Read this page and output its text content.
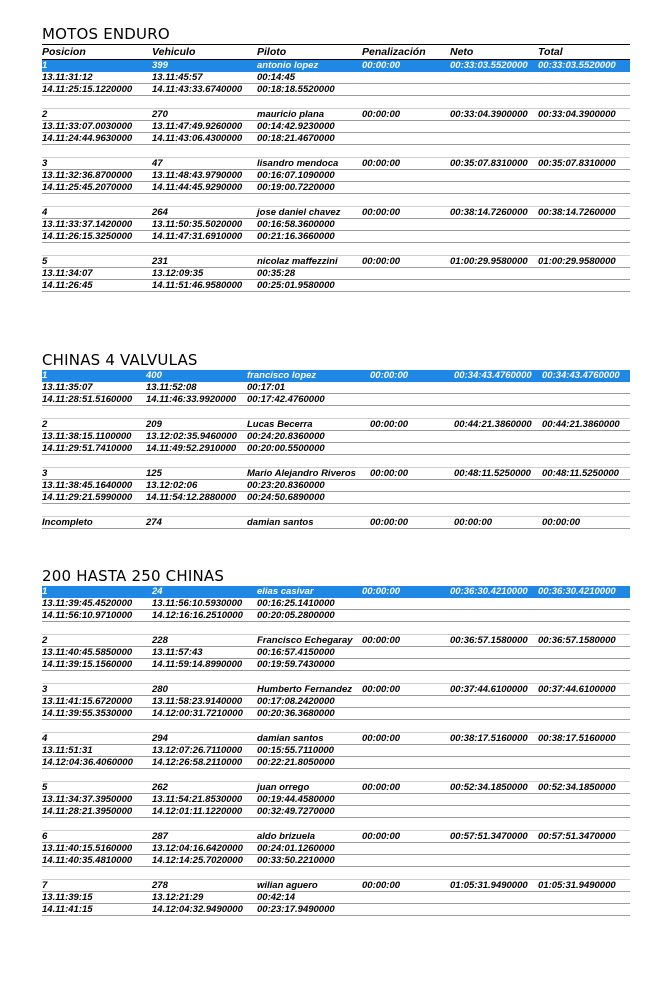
MOTOS ENDURO
Posicion	Vehiculo	Piloto	Penalización Neto	Total
1	399	antonio lopez	00:00:00	00:33:03.5520000 00:33:03.5520000
13.11:31:12	13.11:45:57	00:14:45
14.11:25:15.1220000 14.11:43:33.6740000 00:18:18.5520000
2	270	mauricio plana	00:00:00	00:33:04.3900000 00:33:04.3900000
13.11:33:07.0030000 13.11:47:49.9260000 00:14:42.9230000
14.11:24:44.9630000 14.11:43:06.4300000 00:18:21.4670000
3	47	lisandro mendoca 00:00:00	00:35:07.8310000 00:35:07.8310000
13.11:32:36.8700000 13.11:48:43.9790000 00:16:07.1090000
14.11:25:45.2070000 14.11:44:45.9290000 00:19:00.7220000
4	264	jose daniel chavez 00:00:00	00:38:14.7260000 00:38:14.7260000
13.11:33:37.1420000 13.11:50:35.5020000 00:16:58.3600000
14.11:26:15.3250000 14.11:47:31.6910000 00:21:16.3660000
5	231	nicolaz maffezzini	00:00:00	01:00:29.9580000 01:00:29.9580000
13.11:34:07	13.12:09:35	00:35:28
14.11:26:45	14.11:51:46.9580000 00:25:01.9580000
CHINAS 4 VALVULAS
1	400	francisco lopez	00:00:00	00:34:43.4760000 00:34:43.4760000
13.11:35:07	13.11:52:08	00:17:01
14.11:28:51.5160000 14.11:46:33.9920000 00:17:42.4760000
2	209	Lucas Becerra	00:00:00	00:44:21.3860000 00:44:21.3860000
13.11:38:15.1100000 13.12:02:35.9460000 00:24:20.8360000
14.11:29:51.7410000 14.11:49:52.2910000 00:20:00.5500000
3	125	Mario Alejandro Riveros 00:00:00	00:48:11.5250000 00:48:11.5250000
13.11:38:45.1640000 13.12:02:06	00:23:20.8360000
14.11:29:21.5990000 14.11:54:12.2880000 00:24:50.6890000
Incompleto	274	damian santos	00:00:00	00:00:00	00:00:00
200 HASTA 250 CHINAS
1	24	elias casivar	00:00:00	00:36:30.4210000 00:36:30.4210000
13.11:39:45.4520000 13.11:56:10.5930000 00:16:25.1410000
14.11:56:10.9710000 14.12:16:16.2510000 00:20:05.2800000
2	228	Francisco Echegaray 00:00:00	00:36:57.1580000 00:36:57.1580000
13.11:40:45.5850000 13.11:57:43	00:16:57.4150000
14.11:39:15.1560000 14.11:59:14.8990000 00:19:59.7430000
3	280	Humberto Fernandez 00:00:00	00:37:44.6100000 00:37:44.6100000
13.11:41:15.6720000 13.11:58:23.9140000 00:17:08.2420000
14.11:39:55.3530000 14.12:00:31.7210000 00:20:36.3680000
4	294	damian santos	00:00:00	00:38:17.5160000 00:38:17.5160000
13.11:51:31	13.12:07:26.7110000 00:15:55.7110000
14.12:04:36.4060000 14.12:26:58.2110000 00:22:21.8050000
5	262	juan orrego	00:00:00	00:52:34.1850000 00:52:34.1850000
13.11:34:37.3950000 13.11:54:21.8530000 00:19:44.4580000
14.11:28:21.3950000 14.12:01:11.1220000 00:32:49.7270000
6	287	aldo brizuela	00:00:00	00:57:51.3470000 00:57:51.3470000
13.11:40:15.5160000 13.12:04:16.6420000 00:24:01.1260000
14.11:40:35.4810000 14.12:14:25.7020000 00:33:50.2210000
7	278	wilian aguero	00:00:00	01:05:31.9490000 01:05:31.9490000
13.11:39:15	13.12:21:29	00:42:14
14.11:41:15	14.12:04:32.9490000 00:23:17.9490000
